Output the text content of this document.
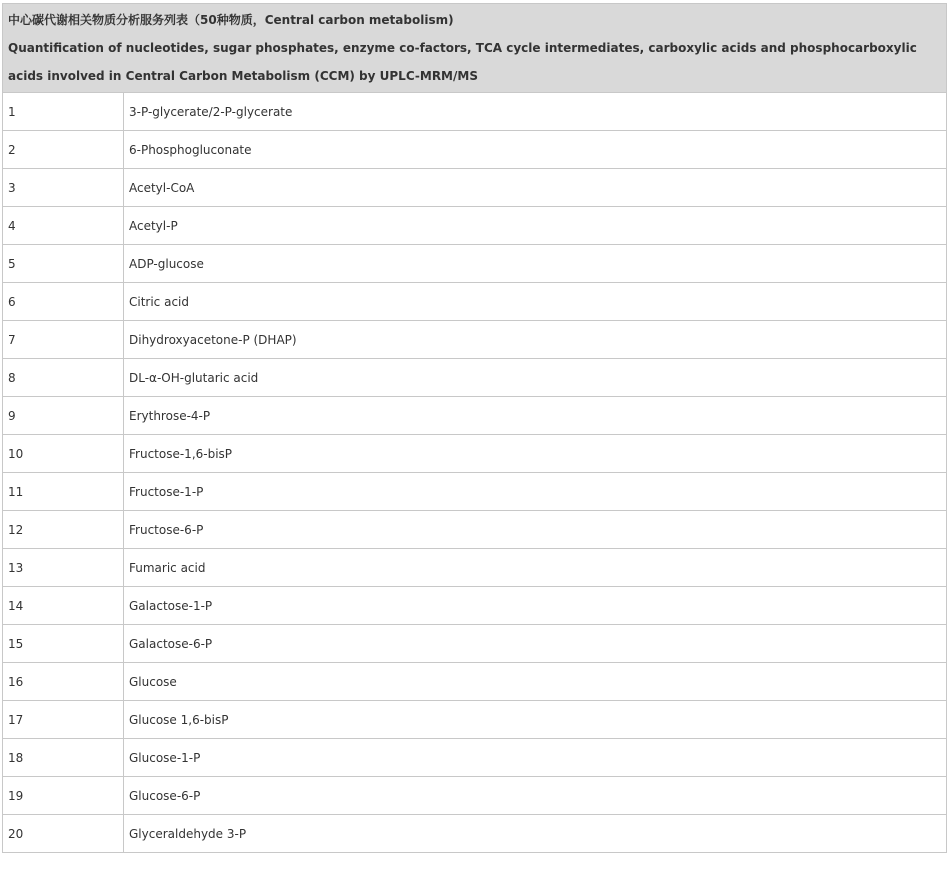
中心碳代谢相关物质分析服务列表（50种物质，Central carbon metabolism)
Quantification of nucleotides, sugar phosphates, enzyme co-factors, TCA cycle intermediates, carboxylic acids and phosphocarboxylic acids involved in Central Carbon Metabolism (CCM) by UPLC-MRM/MS	

1	3-P-glycerate/2-P-glycerate
2	6-Phosphogluconate
3	Acetyl-CoA
4	Acetyl-P
5	ADP-glucose
6	Citric acid
7	Dihydroxyacetone-P (DHAP)
8	DL-α-OH-glutaric acid
9	Erythrose-4-P
10	Fructose-1,6-bisP
11	Fructose-1-P
12	Fructose-6-P
13	Fumaric acid
14	Galactose-1-P
15	Galactose-6-P
16	Glucose
17	Glucose 1,6-bisP
18	Glucose-1-P
19	Glucose-6-P
20	Glyceraldehyde 3-P
